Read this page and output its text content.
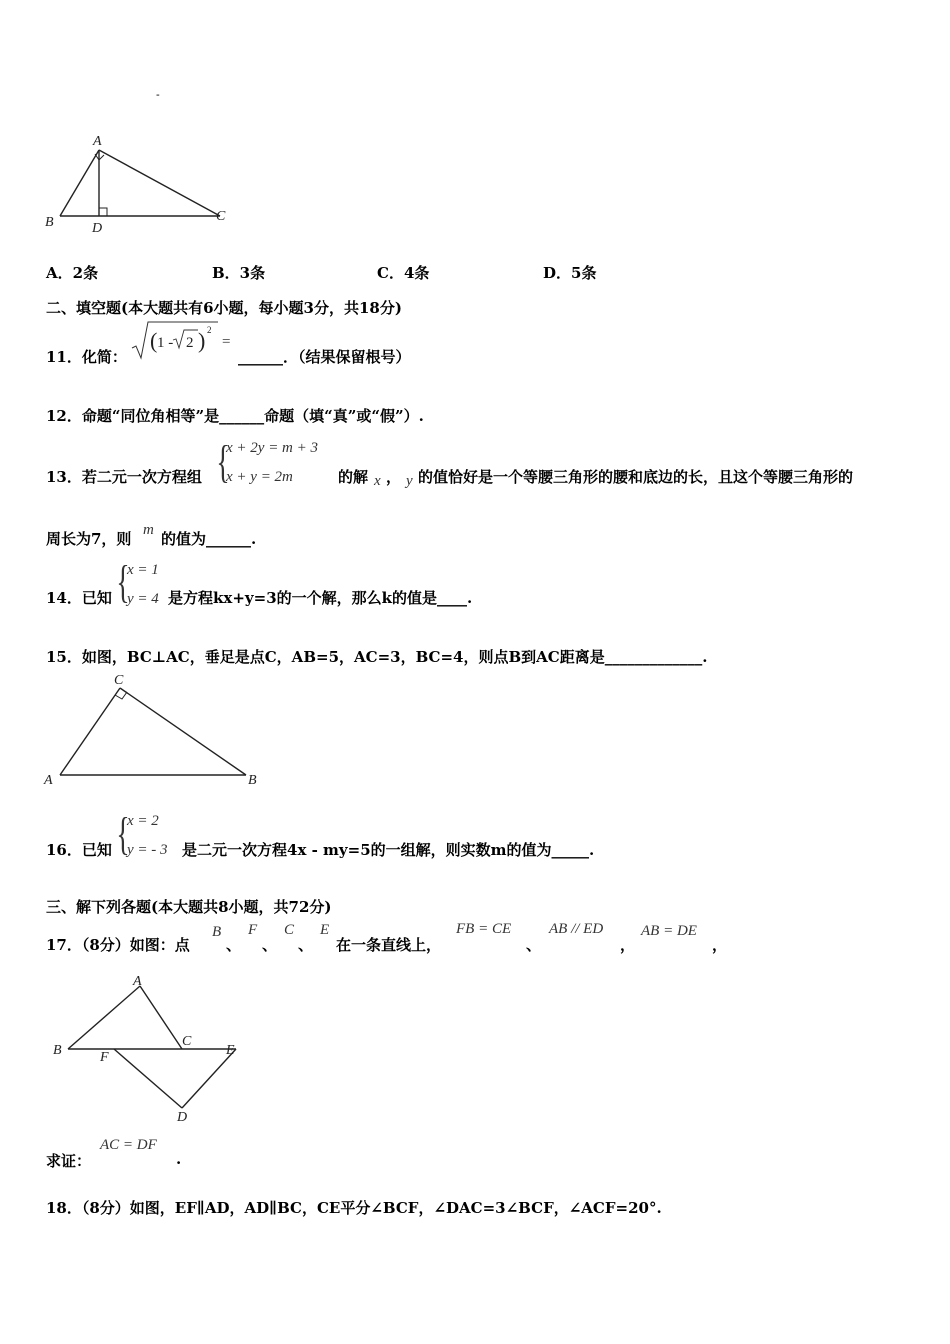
-
A
B	C
D
A．2条	B．3条	C．4条	D．5条
二、填空题(本大题共有6小题，每小题3分，共18分)
11．化简：
( 1 - 2 ) 2
=
______．（结果保留根号）
12．命题“同位角相等”是______命题（填“真”或“假”）.
13．若二元一次方程组 {
x + 2y = m + 3
x + y = 2m	的解 x ， y 的值恰好是一个等腰三角形的腰和底边的长，且这个等腰三角形的
周长为7，则 m 的值为______.
14．已知 {
x = 1
y = 4 是方程kx+y=3的一个解，那么k的值是____.
15．如图，BC⊥AC，垂足是点C，AB=5，AC=3，BC=4，则点B到AC距离是_____________.
C
A	B
16．已知 {
x = 2
y = - 3 是二元一次方程4x - my=5的一组解，则实数m的值为_____.
三、解下列各题(本大题共8小题，共72分)
17．（8分）如图：点
B
、
F
、
C
、
E
在一条直线上，
FB = CE
、
AB // ED
，
AB = DE
，
A
B
C
F	E
D
求证：
AC = DF
.
18．（8分）如图，EF∥AD，AD∥BC，CE平分∠BCF，∠DAC=3∠BCF，∠ACF=20°.
